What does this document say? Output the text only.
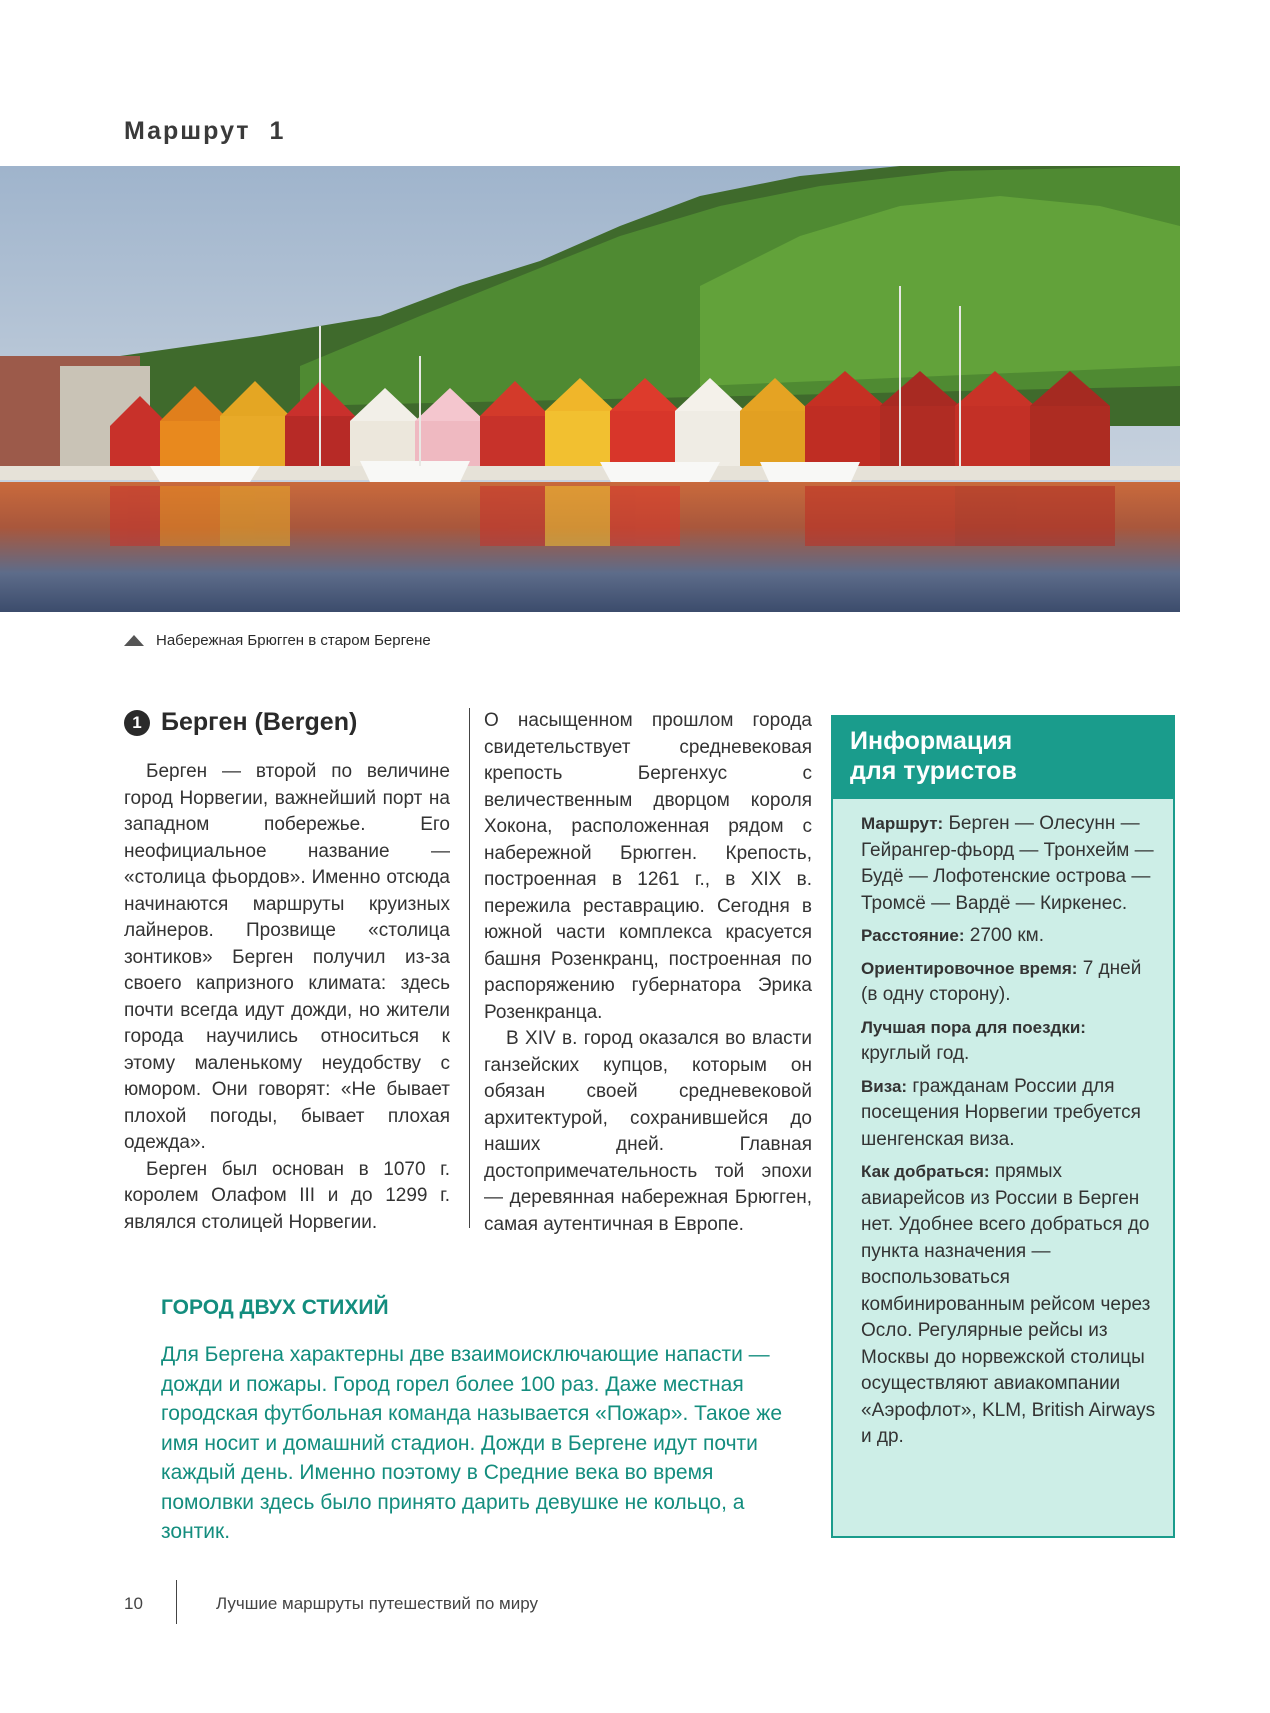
Маршрут 1
Набережная Брюгген в старом Бергене
1 Берген (Bergen)

Берген — второй по величине город Норвегии, важнейший порт на западном побережье. Его неофициальное название — «столица фьордов». Именно отсюда начинаются маршруты круизных лайнеров. Прозвище «столица зонтиков» Берген получил из-за своего капризного климата: здесь почти всегда идут дожди, но жители города научились относиться к этому маленькому неудобству с юмором. Они говорят: «Не бывает плохой погоды, бывает плохая одежда».

Берген был основан в 1070 г. королем Олафом III и до 1299 г. являлся столицей Норвегии.

О насыщенном прошлом города свидетельствует средневековая крепость Бергенхус с величественным дворцом короля Хокона, расположенная рядом с набережной Брюгген. Крепость, построенная в 1261 г., в XIX в. пережила реставрацию. Сегодня в южной части комплекса красуется башня Розенкранц, построенная по распоряжению губернатора Эрика Розенкранца.

В XIV в. город оказался во власти ганзейских купцов, которым он обязан своей средневековой архитектурой, сохранившейся до наших дней. Главная достопримечательность той эпохи — деревянная набережная Брюгген, самая аутентичная в Европе.

Информация
для туристов
Маршрут: Берген — Олесунн — Гейрангер-фьорд — Тронхейм — Будё — Лофотенские острова — Тромсё — Вардё — Киркенес.
Расстояние: 2700 км.
Ориентировочное время: 7 дней (в одну сторону).
Лучшая пора для поездки: круглый год.
Виза: гражданам России для посещения Норвегии требуется шенгенская виза.
Как добраться: прямых авиарейсов из России в Берген нет. Удобнее всего добраться до пункта назначения — воспользоваться комбинированным рейсом через Осло. Регулярные рейсы из Москвы до норвежской столицы осуществляют авиакомпании «Аэрофлот», KLM, British Airways и др.
ГОРОД ДВУХ СТИХИЙ
Для Бергена характерны две взаимоисключающие напасти — дожди и пожары. Город горел более 100 раз. Даже местная городская футбольная команда называется «Пожар». Такое же имя носит и домашний стадион. Дожди в Бергене идут почти каждый день. Именно поэтому в Средние века во время помолвки здесь было принято дарить девушке не кольцо, а зонтик.
10	Лучшие маршруты путешествий по миру
